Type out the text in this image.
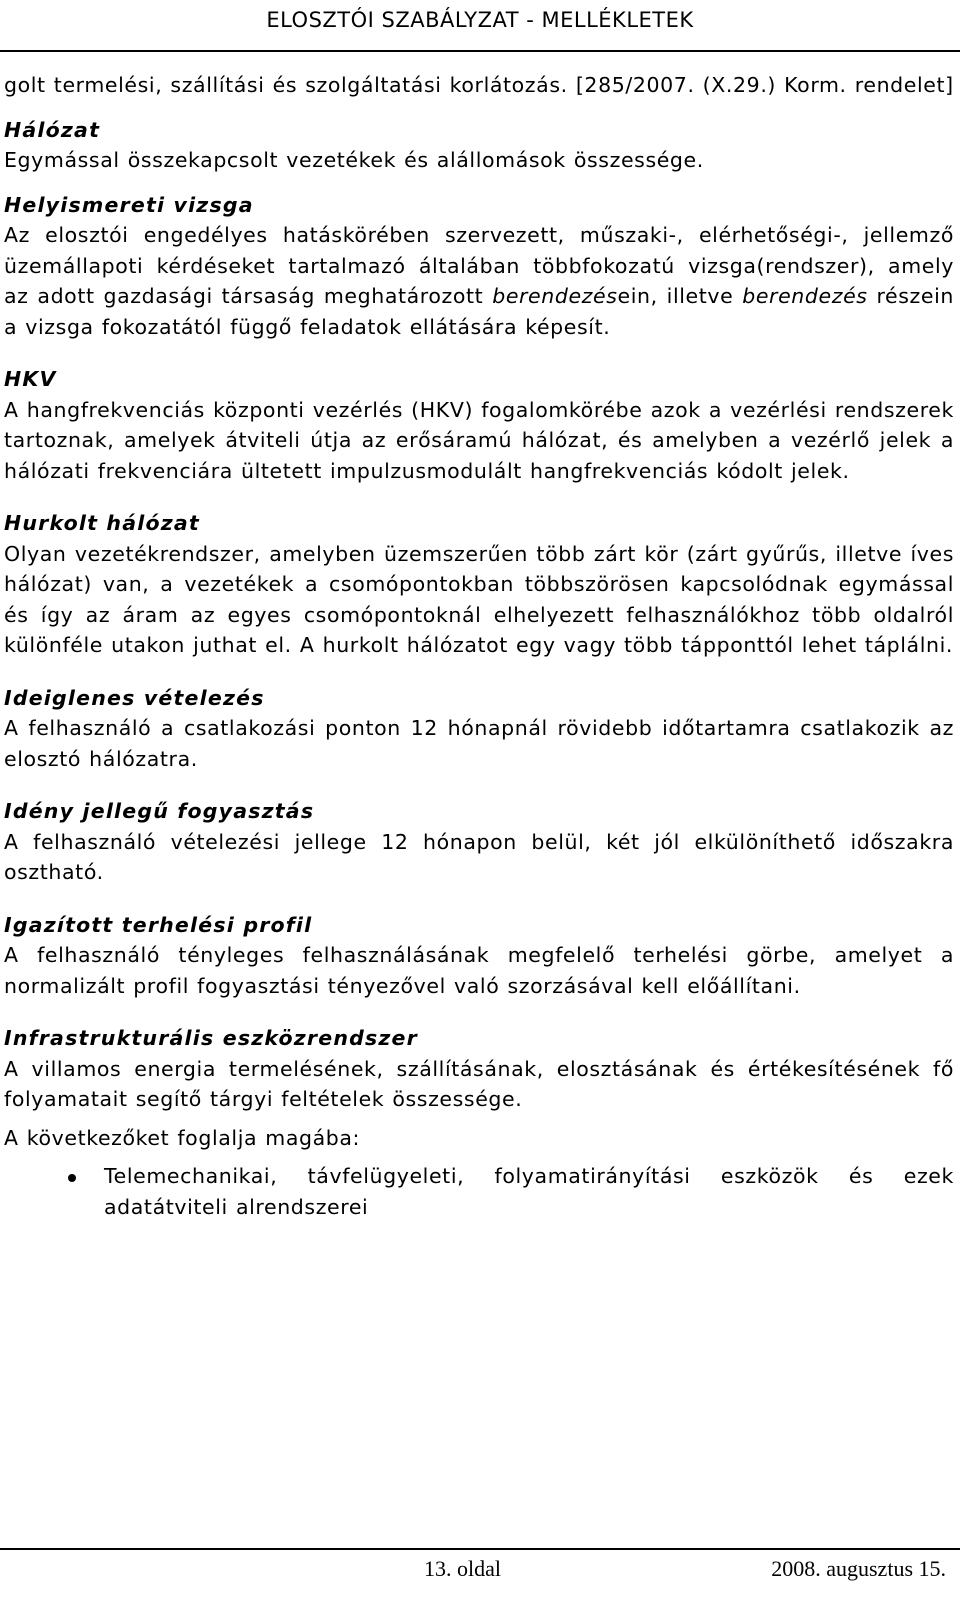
ELOSZTÓI SZABÁLYZAT - MELLÉKLETEK

golt termelési, szállítási és szolgáltatási korlátozás. [285/2007. (X.29.) Korm. rendelet]

Hálózat

Egymással összekapcsolt vezetékek és alállomások összessége.

Helyismereti vizsga

Az elosztói engedélyes hatáskörében szervezett, műszaki-, elérhetőségi-, jellemző üzemállapoti kérdéseket tartalmazó általában többfokozatú vizsga(rendszer), amely az adott gazdasági társaság meghatározott berendezésein, illetve berendezés részein a vizsga fokozatától függő feladatok ellátására képesít.

HKV

A hangfrekvenciás központi vezérlés (HKV) fogalomkörébe azok a vezérlési rendszerek tartoznak, amelyek átviteli útja az erősáramú hálózat, és amelyben a vezérlő jelek a hálózati frekvenciára ültetett impulzusmodulált hangfrekvenciás kódolt jelek.

Hurkolt hálózat

Olyan vezetékrendszer, amelyben üzemszerűen több zárt kör (zárt gyűrűs, illetve íves hálózat) van, a vezetékek a csomópontokban többszörösen kapcsolódnak egymással és így az áram az egyes csomópontoknál elhelyezett felhasználókhoz több oldalról különféle utakon juthat el. A hurkolt hálózatot egy vagy több tápponttól lehet táplálni.

Ideiglenes vételezés

A felhasználó a csatlakozási ponton 12 hónapnál rövidebb időtartamra csatlakozik az elosztó hálózatra.

Idény jellegű fogyasztás

A felhasználó vételezési jellege 12 hónapon belül, két jól elkülöníthető időszakra osztható.

Igazított terhelési profil

A felhasználó tényleges felhasználásának megfelelő terhelési görbe, amelyet a normalizált profil fogyasztási tényezővel való szorzásával kell előállítani.

Infrastrukturális eszközrendszer

A villamos energia termelésének, szállításának, elosztásának és értékesítésének fő folyamatait segítő tárgyi feltételek összessége.

A következőket foglalja magába:

Telemechanikai, távfelügyeleti, folyamatirányítási eszközök és ezek adatátviteli alrendszerei
13. oldal	2008. augusztus 15.
